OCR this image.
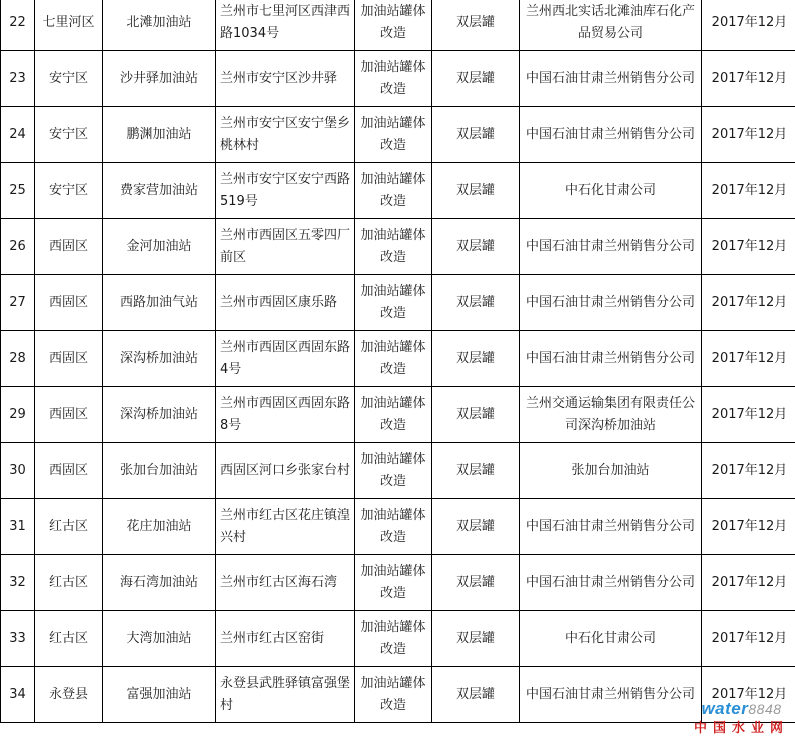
22	七里河区	北滩加油站	兰州市七里河区西津西路1034号	加油站罐体改造	双层罐	兰州西北实话北滩油库石化产品贸易公司	2017年12月
23	安宁区	沙井驿加油站	兰州市安宁区沙井驿	加油站罐体改造	双层罐	中国石油甘肃兰州销售分公司	2017年12月
24	安宁区	鹏渊加油站	兰州市安宁区安宁堡乡桃林村	加油站罐体改造	双层罐	中国石油甘肃兰州销售分公司	2017年12月
25	安宁区	费家营加油站	兰州市安宁区安宁西路519号	加油站罐体改造	双层罐	中石化甘肃公司	2017年12月
26	西固区	金河加油站	兰州市西固区五零四厂前区	加油站罐体改造	双层罐	中国石油甘肃兰州销售分公司	2017年12月
27	西固区	西路加油气站	兰州市西固区康乐路	加油站罐体改造	双层罐	中国石油甘肃兰州销售分公司	2017年12月
28	西固区	深沟桥加油站	兰州市西固区西固东路4号	加油站罐体改造	双层罐	中国石油甘肃兰州销售分公司	2017年12月
29	西固区	深沟桥加油站	兰州市西固区西固东路8号	加油站罐体改造	双层罐	兰州交通运输集团有限责任公司深沟桥加油站	2017年12月
30	西固区	张加台加油站	西固区河口乡张家台村	加油站罐体改造	双层罐	张加台加油站	2017年12月
31	红古区	花庄加油站	兰州市红古区花庄镇湟兴村	加油站罐体改造	双层罐	中国石油甘肃兰州销售分公司	2017年12月
32	红古区	海石湾加油站	兰州市红古区海石湾	加油站罐体改造	双层罐	中国石油甘肃兰州销售分公司	2017年12月
33	红古区	大湾加油站	兰州市红古区窑街	加油站罐体改造	双层罐	中石化甘肃公司	2017年12月
34	永登县	富强加油站	永登县武胜驿镇富强堡村	加油站罐体改造	双层罐	中国石油甘肃兰州销售分公司	2017年12月
water8848
中国水业网
